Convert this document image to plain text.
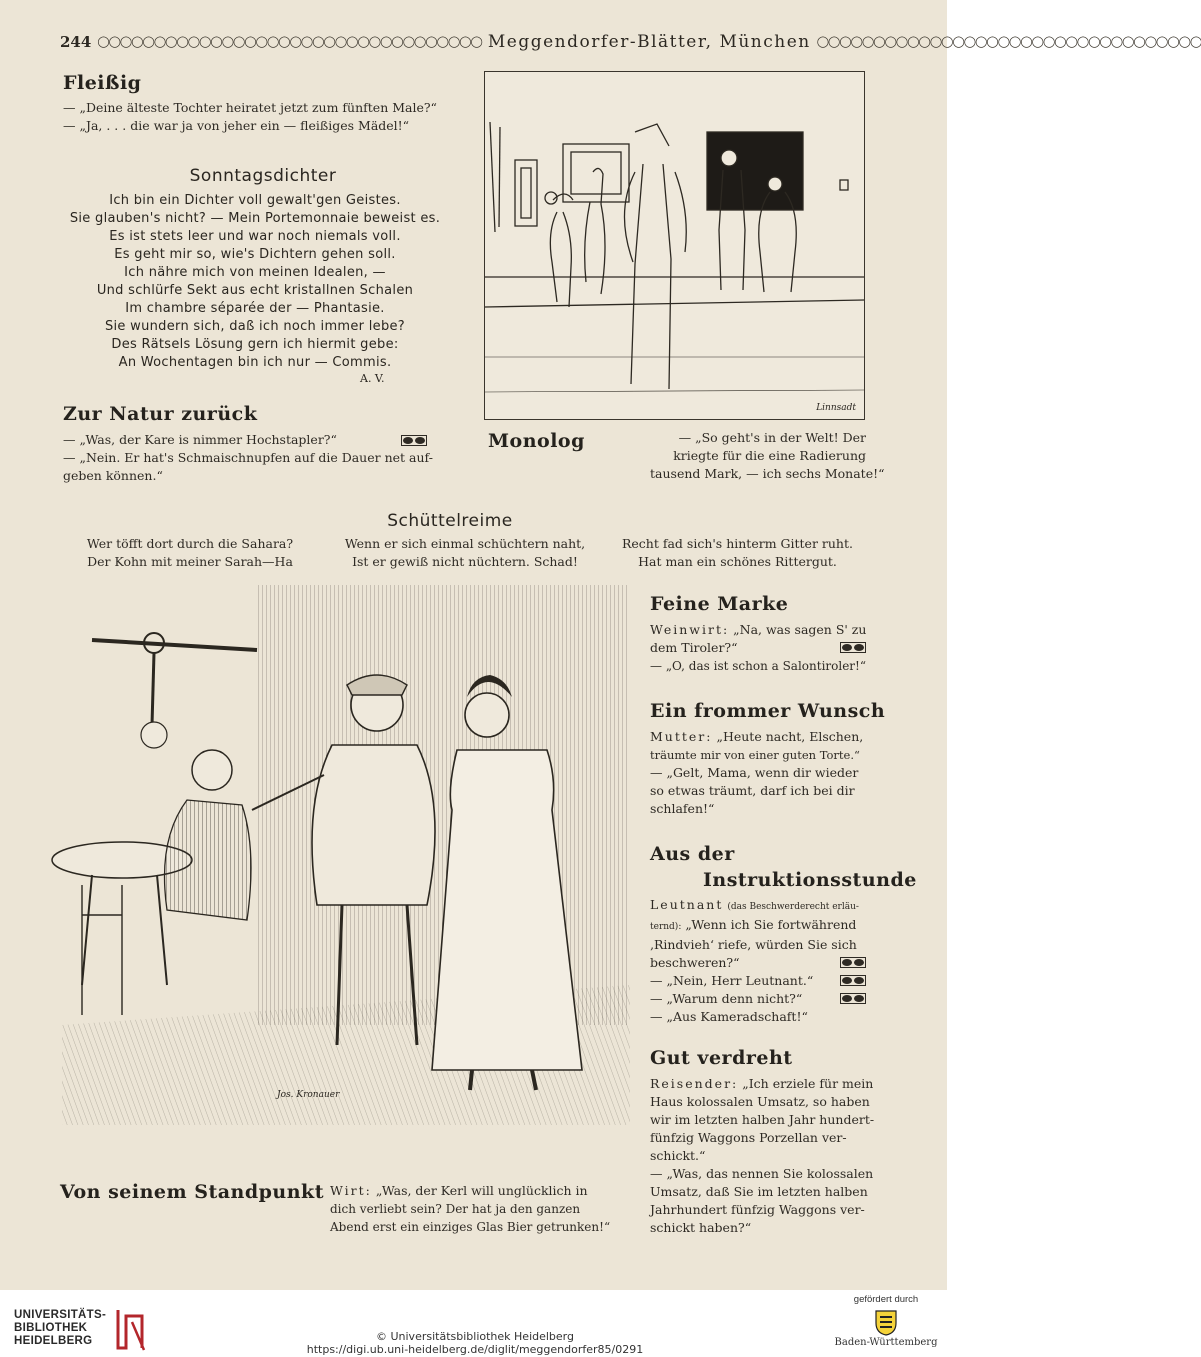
244 ◯◯◯◯◯◯◯◯◯◯◯◯◯◯◯◯◯◯◯◯◯◯◯◯◯◯◯◯◯◯◯◯◯◯ Meggendorfer-Blätter, München ◯◯◯◯◯◯◯◯◯◯◯◯◯◯◯◯◯◯◯◯◯◯◯◯◯◯◯◯◯◯◯◯◯◯
Fleißig
— „Deine älteste Tochter heiratet jetzt zum fünften Male?“
— „Ja, . . . die war ja von jeher ein — fleißiges Mädel!“
Sonntagsdichter
Ich bin ein Dichter voll gewalt'gen Geistes.
Sie glauben's nicht? — Mein Portemonnaie beweist es.
Es ist stets leer und war noch niemals voll.
Es geht mir so, wie's Dichtern gehen soll.
Ich nähre mich von meinen Idealen, —
Und schlürfe Sekt aus echt kristallnen Schalen
Im chambre séparée der — Phantasie.
Sie wundern sich, daß ich noch immer lebe?
Des Rätsels Lösung gern ich hiermit gebe:
An Wochentagen bin ich nur — Commis.
A. V.
Linnsadt
Zur Natur zurück
— „Was, der Kare is nimmer Hochstapler?“
— „Nein. Er hat's Schmaischnupfen auf die Dauer net auf-
geben können.“
Monolog	— „So geht's in der Welt! Der
kriegte für die eine Radierung
tausend Mark, — ich sechs Monate!“
Schüttelreime
Wer töfft dort durch die Sahara?
Der Kohn mit meiner Sarah—Ha
Wenn er sich einmal schüchtern naht,
Ist er gewiß nicht nüchtern. Schad!
Recht fad sich's hinterm Gitter ruht.
Hat man ein schönes Rittergut.
Jos. Kronauer
Feine Marke
Weinwirt: „Na, was sagen S' zu
dem Tiroler?“
— „O, das ist schon a Salontiroler!“
Ein frommer Wunsch
Mutter: „Heute nacht, Elschen,
träumte mir von einer guten Torte.“
— „Gelt, Mama, wenn dir wieder
so etwas träumt, darf ich bei dir
schlafen!“
Aus der
Instruktionsstunde
Leutnant (das Beschwerderecht erläu-
ternd): „Wenn ich Sie fortwährend
‚Rindvieh‘ riefe, würden Sie sich
beschweren?“
— „Nein, Herr Leutnant.“
— „Warum denn nicht?“
— „Aus Kameradschaft!“
Gut verdreht
Reisender: „Ich erziele für mein
Haus kolossalen Umsatz, so haben
wir im letzten halben Jahr hundert-
fünfzig Waggons Porzellan ver-
schickt.“
— „Was, das nennen Sie kolossalen
Umsatz, daß Sie im letzten halben
Jahrhundert fünfzig Waggons ver-
schickt haben?“
Von seinem Standpunkt Wirt: „Was, der Kerl will unglücklich in
dich verliebt sein? Der hat ja den ganzen
Abend erst ein einziges Glas Bier getrunken!“
UNIVERSITÄTS-
BIBLIOTHEK
HEIDELBERG	© Universitätsbibliothek Heidelberg
https://digi.ub.uni-heidelberg.de/diglit/meggendorfer85/0291
gefördert durch
Baden-Württemberg
